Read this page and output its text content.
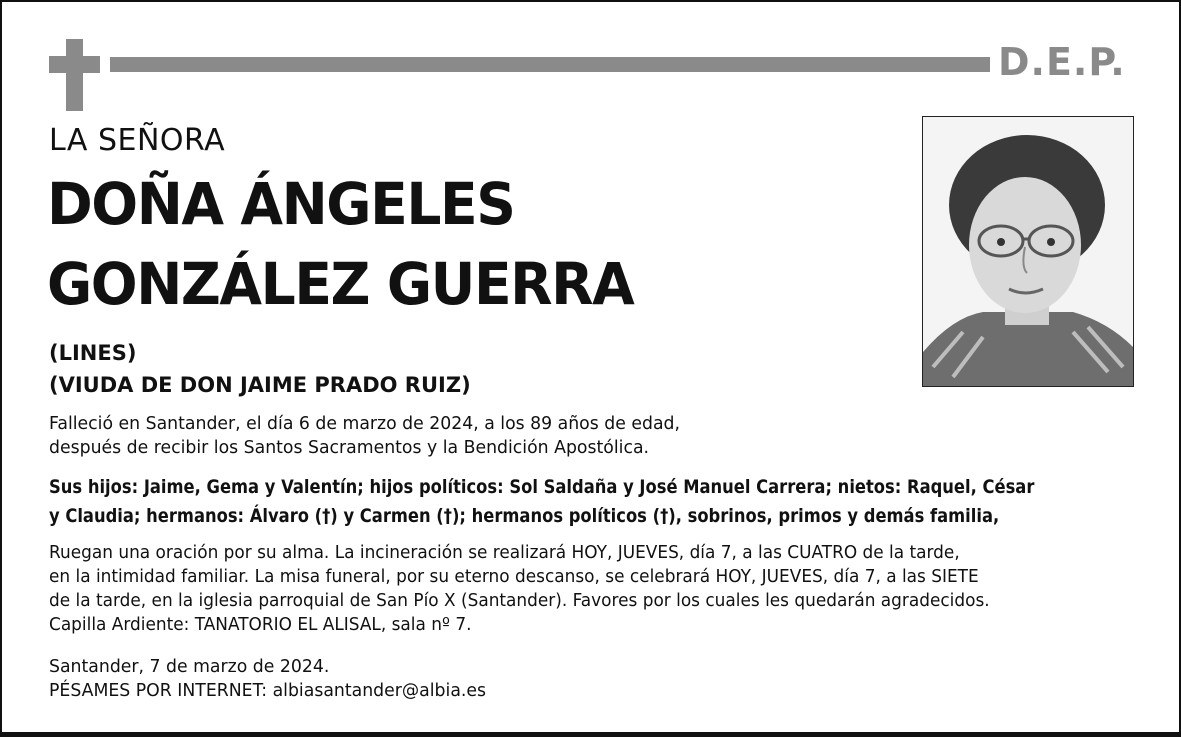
D.E.P.
LA SEÑORA
DOÑA ÁNGELES
GONZÁLEZ GUERRA
(LINES)
(VIUDA DE DON JAIME PRADO RUIZ)
Falleció en Santander, el día 6 de marzo de 2024, a los 89 años de edad,
después de recibir los Santos Sacramentos y la Bendición Apostólica.
Sus hijos: Jaime, Gema y Valentín; hijos políticos: Sol Saldaña y José Manuel Carrera; nietos: Raquel, César
y Claudia; hermanos: Álvaro (†) y Carmen (†); hermanos políticos (†), sobrinos, primos y demás familia,
Ruegan una oración por su alma. La incineración se realizará HOY, JUEVES, día 7, a las CUATRO de la tarde,
en la intimidad familiar. La misa funeral, por su eterno descanso, se celebrará HOY, JUEVES, día 7, a las SIETE
de la tarde, en la iglesia parroquial de San Pío X (Santander). Favores por los cuales les quedarán agradecidos.
Capilla Ardiente: TANATORIO EL ALISAL, sala nº 7.
Santander, 7 de marzo de 2024.
PÉSAMES POR INTERNET: albiasantander@albia.es
